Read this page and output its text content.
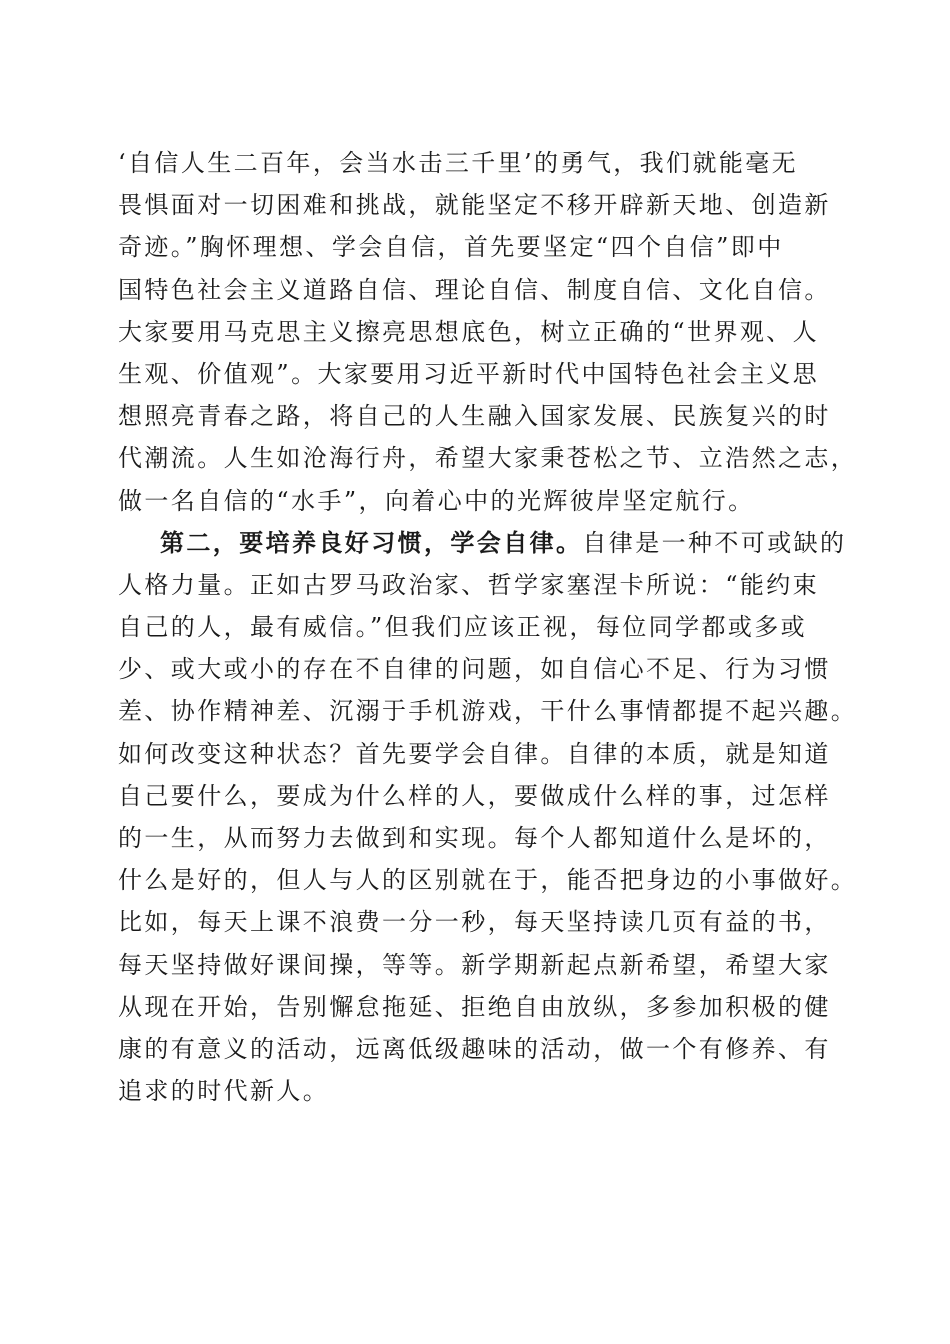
‘自信人生二百年，会当水击三千里’的勇气，我们就能毫无
畏惧面对一切困难和挑战，就能坚定不移开辟新天地、创造新
奇迹。”胸怀理想、学会自信，首先要坚定“四个自信”即中
国特色社会主义道路自信、理论自信、制度自信、文化自信。
大家要用马克思主义擦亮思想底色，树立正确的“世界观、人
生观、价值观”。大家要用习近平新时代中国特色社会主义思
想照亮青春之路，将自己的人生融入国家发展、民族复兴的时
代潮流。人生如沧海行舟，希望大家秉苍松之节、立浩然之志，
做一名自信的“水手”，向着心中的光辉彼岸坚定航行。
第二，要培养良好习惯，学会自律。自律是一种不可或缺的
人格力量。正如古罗马政治家、哲学家塞涅卡所说：“能约束
自己的人，最有威信。”但我们应该正视，每位同学都或多或
少、或大或小的存在不自律的问题，如自信心不足、行为习惯
差、协作精神差、沉溺于手机游戏，干什么事情都提不起兴趣。
如何改变这种状态？首先要学会自律。自律的本质，就是知道
自己要什么，要成为什么样的人，要做成什么样的事，过怎样
的一生，从而努力去做到和实现。每个人都知道什么是坏的，
什么是好的，但人与人的区别就在于，能否把身边的小事做好。
比如，每天上课不浪费一分一秒，每天坚持读几页有益的书，
每天坚持做好课间操，等等。新学期新起点新希望，希望大家
从现在开始，告别懈怠拖延、拒绝自由放纵，多参加积极的健
康的有意义的活动，远离低级趣味的活动，做一个有修养、有
追求的时代新人。
